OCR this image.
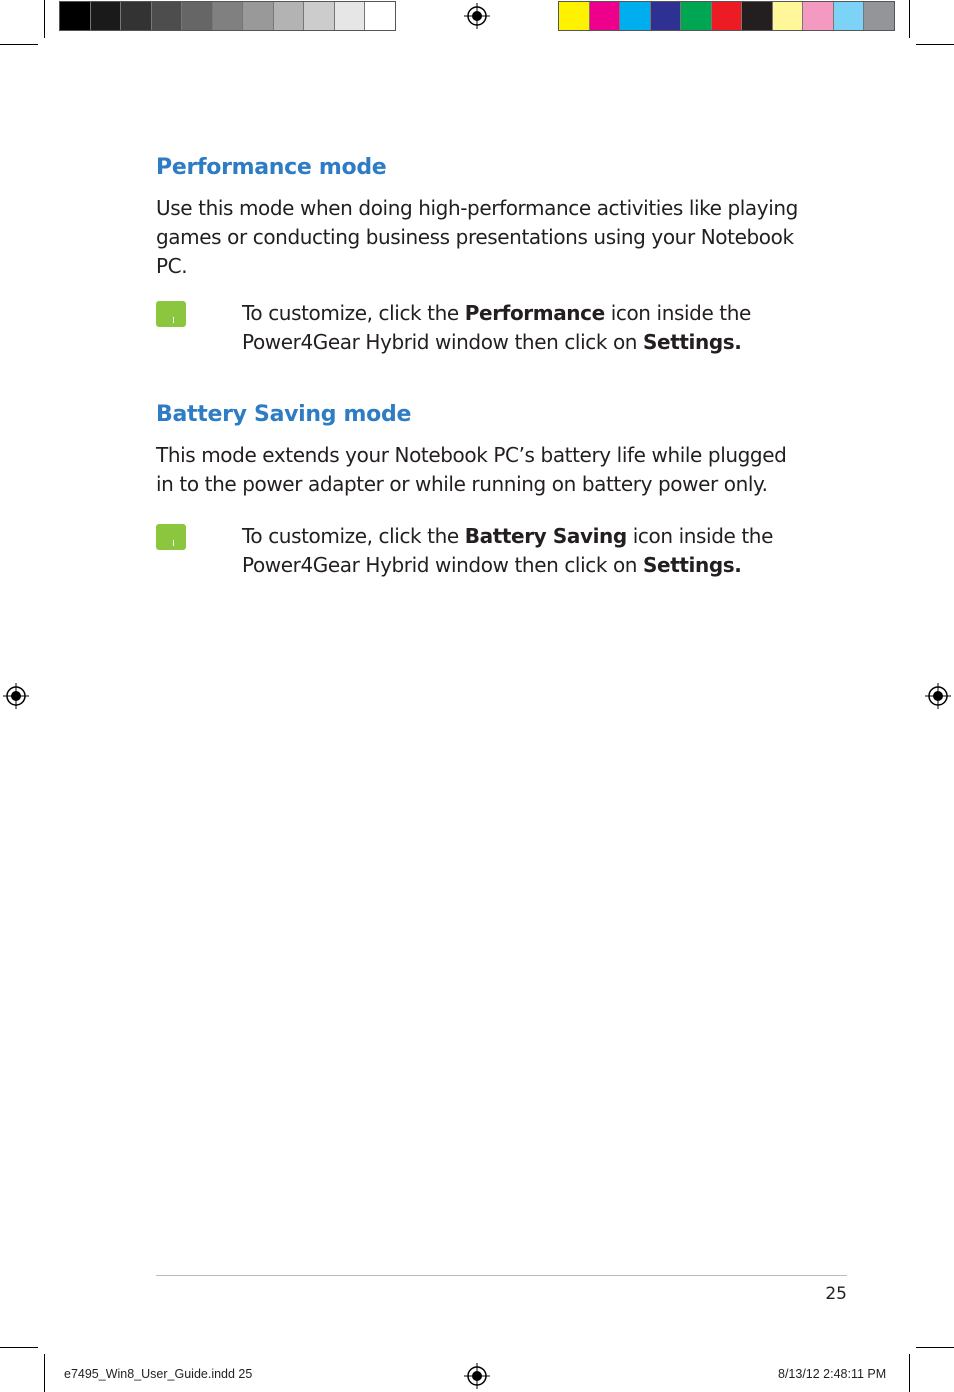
Performance mode

Use this mode when doing high-performance activities like playing games or conducting business presentations using your Notebook PC.

To customize, click the Performance icon inside the Power4Gear Hybrid window then click on Settings.
Battery Saving mode

This mode extends your Notebook PC’s battery life while plugged in to the power adapter or while running on battery power only.

To customize, click the Battery Saving icon inside the Power4Gear Hybrid window then click on Settings.
25
e7495_Win8_User_Guide.indd 25	8/13/12 2:48:11 PM
